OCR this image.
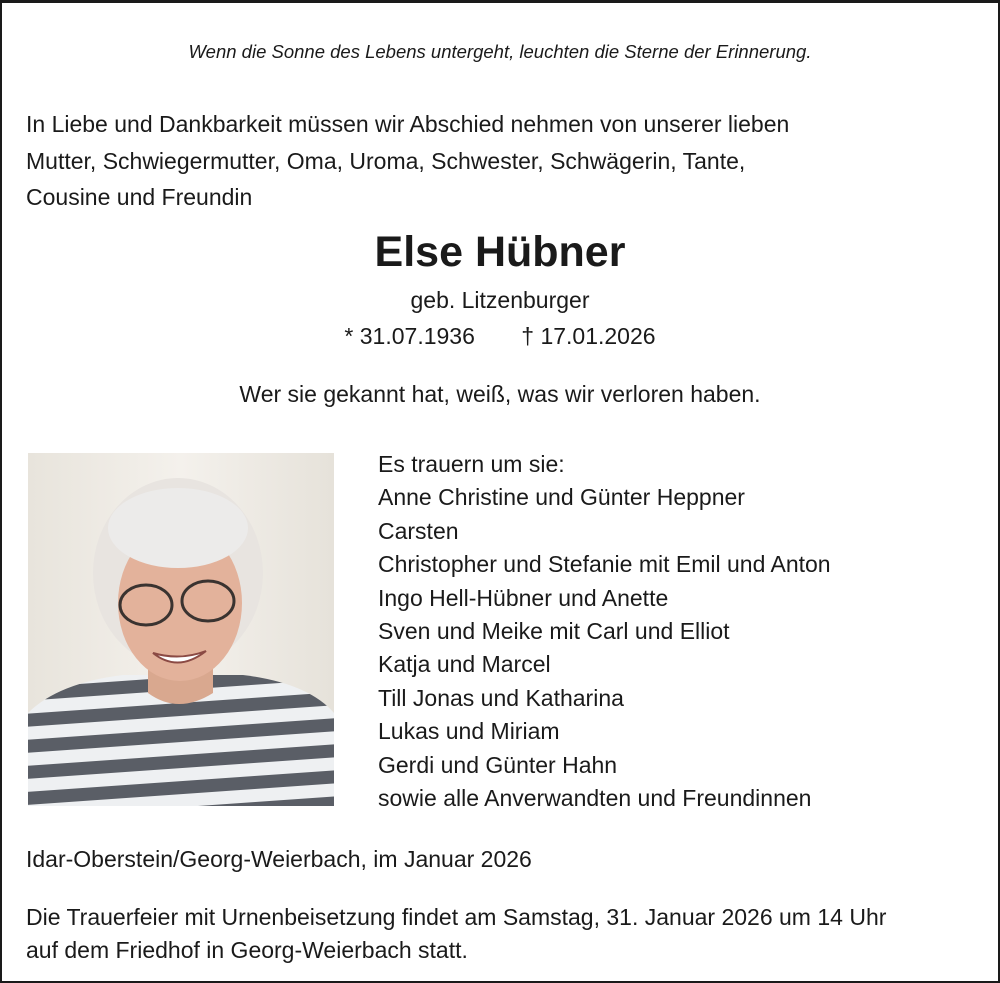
Wenn die Sonne des Lebens untergeht, leuchten die Sterne der Erinnerung.
In Liebe und Dankbarkeit müssen wir Abschied nehmen von unserer lieben
Mutter, Schwiegermutter, Oma, Uroma, Schwester, Schwägerin, Tante,
Cousine und Freundin
Else Hübner
geb. Litzenburger
* 31.07.1936 † 17.01.2026
Wer sie gekannt hat, weiß, was wir verloren haben.
Es trauern um sie:
Anne Christine und Günter Heppner
Carsten
Christopher und Stefanie mit Emil und Anton
Ingo Hell-Hübner und Anette
Sven und Meike mit Carl und Elliot
Katja und Marcel
Till Jonas und Katharina
Lukas und Miriam
Gerdi und Günter Hahn
sowie alle Anverwandten und Freundinnen
Idar-Oberstein/Georg-Weierbach, im Januar 2026
Die Trauerfeier mit Urnenbeisetzung findet am Samstag, 31. Januar 2026 um 14 Uhr
auf dem Friedhof in Georg-Weierbach statt.
